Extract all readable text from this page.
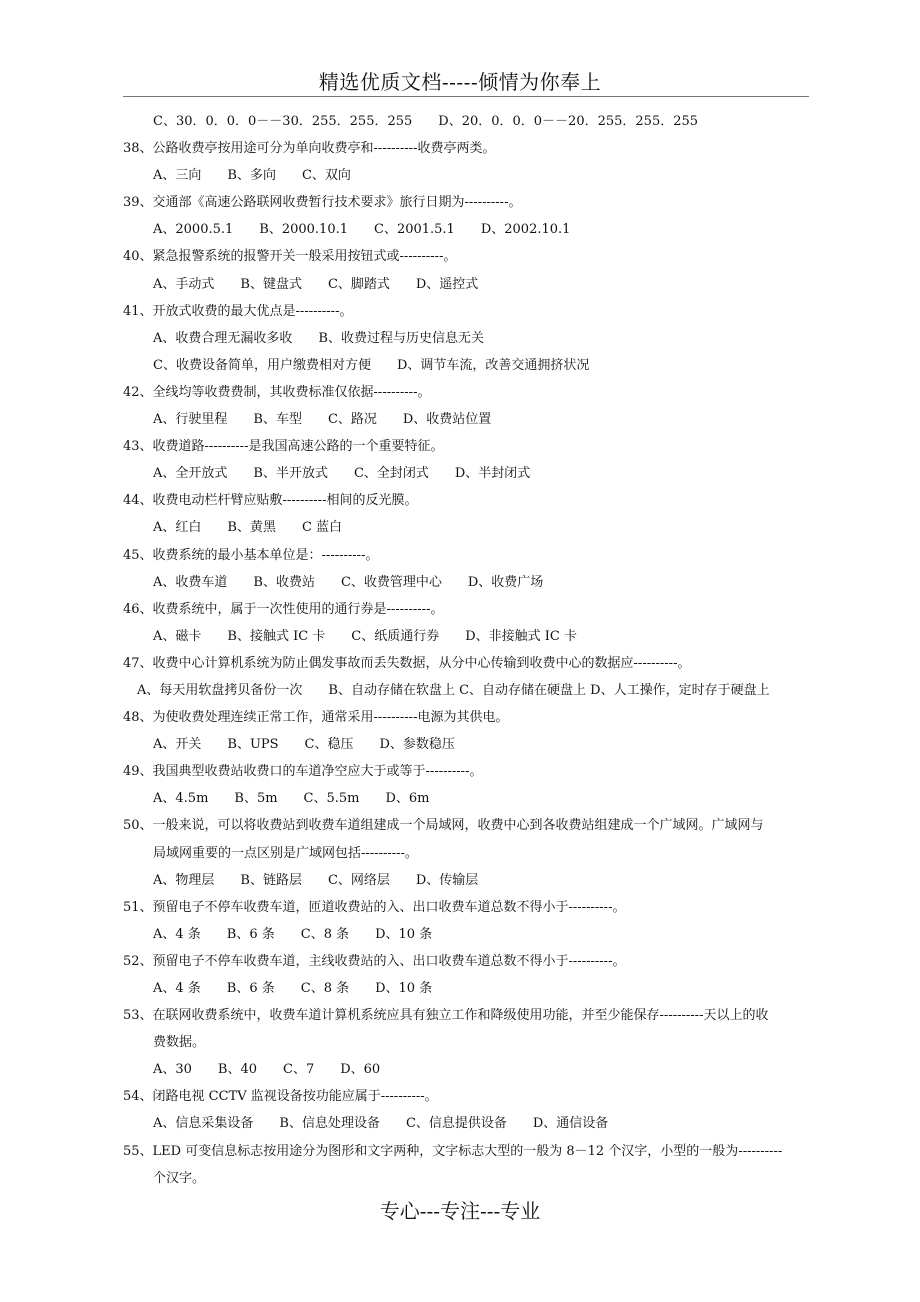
精选优质文档-----倾情为你奉上
C、30．0．0．0－－30．255．255．255　　D、20．0．0．0－－20．255．255．255
38、公路收费亭按用途可分为单向收费亭和----------收费亭两类。
A、三向　　B、多向　　C、双向
39、交通部《高速公路联网收费暂行技术要求》旅行日期为----------。
A、2000.5.1　　B、2000.10.1　　C、2001.5.1　　D、2002.10.1
40、紧急报警系统的报警开关一般采用按钮式或----------。
A、手动式　　B、键盘式　　C、脚踏式　　D、遥控式
41、开放式收费的最大优点是----------。
A、收费合理无漏收多收　　B、收费过程与历史信息无关
C、收费设备简单，用户缴费相对方便　　D、调节车流，改善交通拥挤状况
42、全线均等收费费制，其收费标准仅依据----------。
A、行驶里程　　B、车型　　C、路况　　D、收费站位置
43、收费道路----------是我国高速公路的一个重要特征。
A、全开放式　　B、半开放式　　C、全封闭式　　D、半封闭式
44、收费电动栏杆臂应贴敷----------相间的反光膜。
A、红白　　B、黄黑　　C 蓝白
45、收费系统的最小基本单位是：----------。
A、收费车道　　B、收费站　　C、收费管理中心　　D、收费广场
46、收费系统中，属于一次性使用的通行券是----------。
A、磁卡　　B、接触式 IC 卡　　C、纸质通行券　　D、非接触式 IC 卡
47、收费中心计算机系统为防止偶发事故而丢失数据，从分中心传输到收费中心的数据应----------。
A、每天用软盘拷贝备份一次　　B、自动存储在软盘上 C、自动存储在硬盘上 D、人工操作，定时存于硬盘上
48、为使收费处理连续正常工作，通常采用----------电源为其供电。
A、开关　　B、UPS　　C、稳压　　D、参数稳压
49、我国典型收费站收费口的车道净空应大于或等于----------。
A、4.5m　　B、5m　　C、5.5m　　D、6m
50、一般来说，可以将收费站到收费车道组建成一个局域网，收费中心到各收费站组建成一个广域网。广域网与
局域网重要的一点区别是广域网包括----------。
A、物理层　　B、链路层　　C、网络层　　D、传输层
51、预留电子不停车收费车道，匝道收费站的入、出口收费车道总数不得小于----------。
A、4 条　　B、6 条　　C、8 条　　D、10 条
52、预留电子不停车收费车道，主线收费站的入、出口收费车道总数不得小于----------。
A、4 条　　B、6 条　　C、8 条　　D、10 条
53、在联网收费系统中，收费车道计算机系统应具有独立工作和降级使用功能，并至少能保存----------天以上的收
费数据。
A、30　　B、40　　C、7　　D、60
54、闭路电视 CCTV 监视设备按功能应属于----------。
A、信息采集设备　　B、信息处理设备　　C、信息提供设备　　D、通信设备
55、LED 可变信息标志按用途分为图形和文字两种，文字标志大型的一般为 8－12 个汉字，小型的一般为----------
个汉字。
专心---专注---专业
